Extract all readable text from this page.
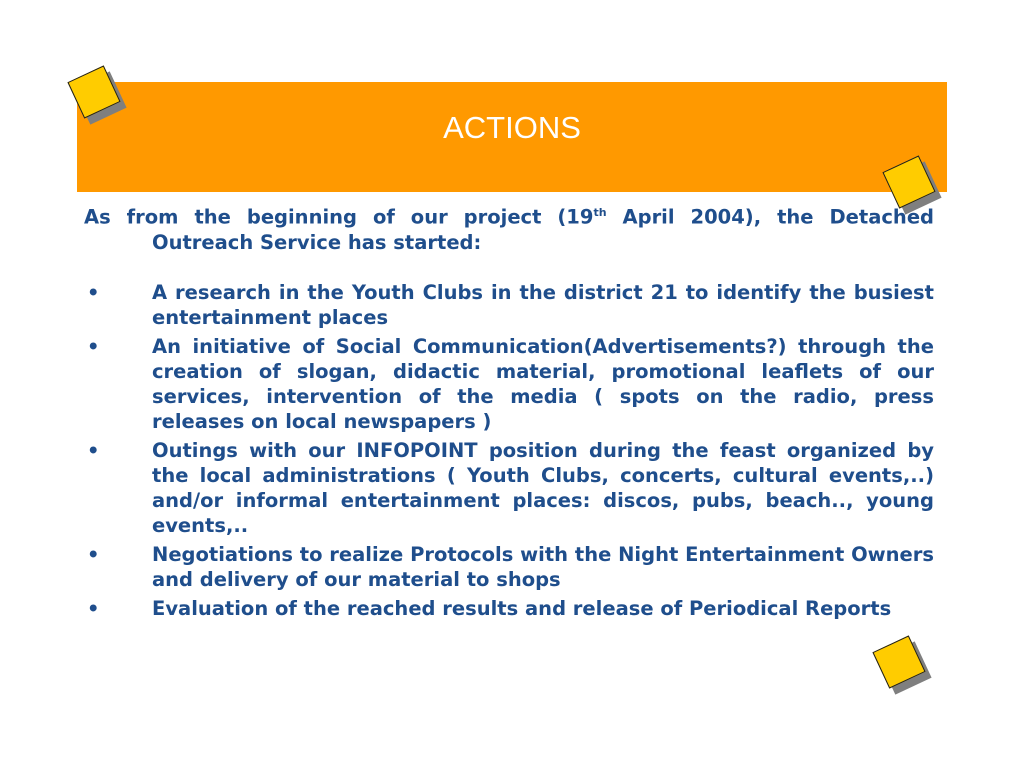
ACTIONS
As from the beginning of our project (19th April 2004), the Detached Outreach Service has started:
•	A research in the Youth Clubs in the district 21 to identify the busiest entertainment places
•	An initiative of Social Communication(Advertisements?) through the creation of slogan, didactic material, promotional leaflets of our services, intervention of the media ( spots on the radio, press releases on local newspapers )
•	Outings with our INFOPOINT position during the feast organized by the local administrations ( Youth Clubs, concerts, cultural events,..) and/or informal entertainment places: discos, pubs, beach.., young events,..
•	Negotiations to realize Protocols with the Night Entertainment Owners and delivery of our material to shops
•	Evaluation of the reached results and release of Periodical Reports
